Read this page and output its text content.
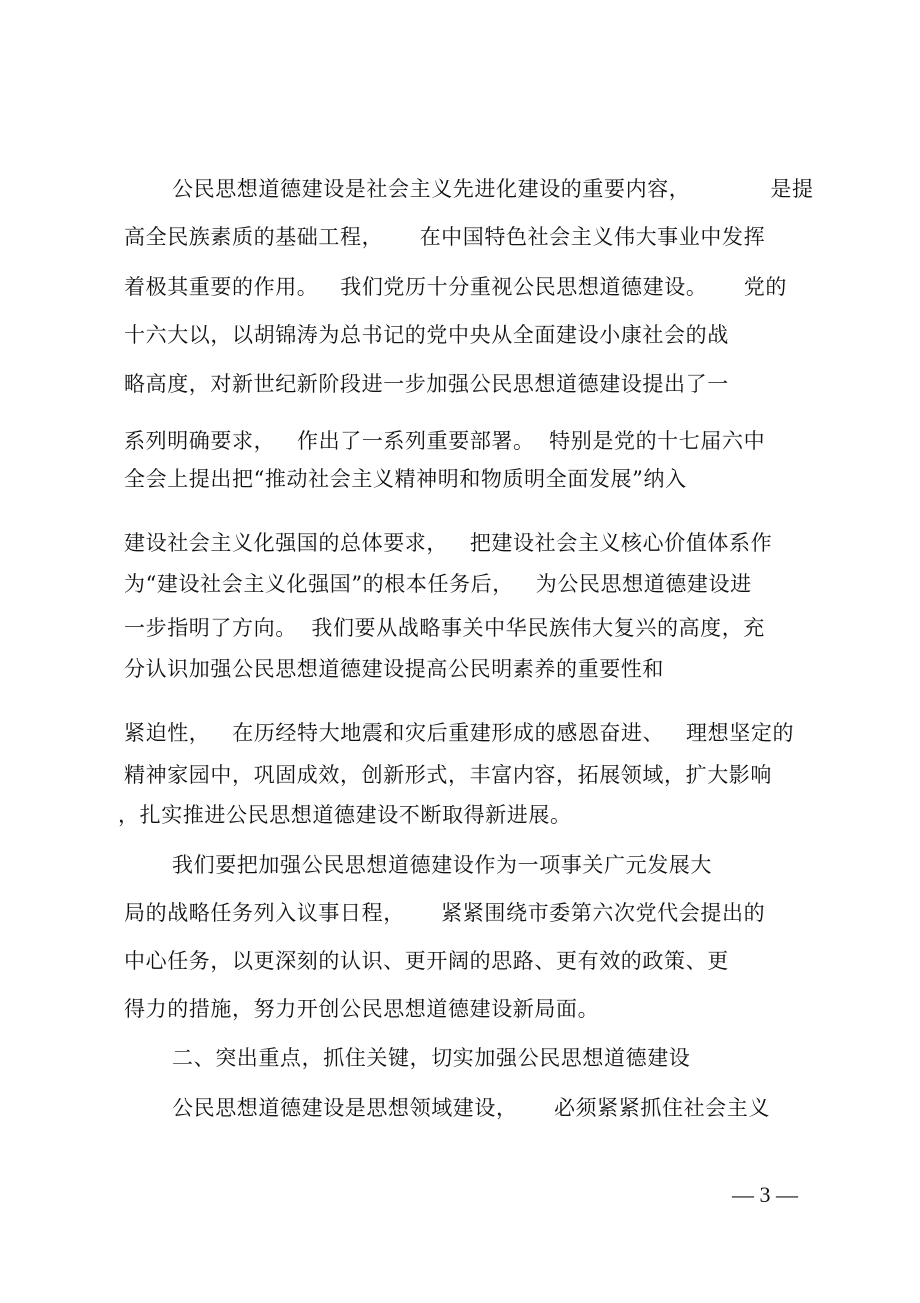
公民思想道德建设是社会主义先进化建设的重要内容，           是提
高全民族素质的基础工程，     在中国特色社会主义伟大事业中发挥
着极其重要的作用。   我们党历十分重视公民思想道德建设。     党的
十六大以，以胡锦涛为总书记的党中央从全面建设小康社会的战
略高度，对新世纪新阶段进一步加强公民思想道德建设提出了一
系列明确要求，   作出了一系列重要部署。  特别是党的十七届六中
全会上提出把“推动社会主义精神明和物质明全面发展”纳入
建设社会主义化强国的总体要求，   把建设社会主义核心价值体系作
为“建设社会主义化强国”的根本任务后，   为公民思想道德建设进
一步指明了方向。  我们要从战略事关中华民族伟大复兴的高度，充
分认识加强公民思想道德建设提高公民明素养的重要性和
紧迫性，   在历经特大地震和灾后重建形成的感恩奋进、   理想坚定的
精神家园中，巩固成效，创新形式，丰富内容，拓展领域，扩大影响
，扎实推进公民思想道德建设不断取得新进展。
我们要把加强公民思想道德建设作为一项事关广元发展大
局的战略任务列入议事日程，     紧紧围绕市委第六次党代会提出的
中心任务，以更深刻的认识、更开阔的思路、更有效的政策、更
得力的措施，努力开创公民思想道德建设新局面。
二、突出重点，抓住关键，切实加强公民思想道德建设
公民思想道德建设是思想领域建设，     必须紧紧抓住社会主义
— 3 —
